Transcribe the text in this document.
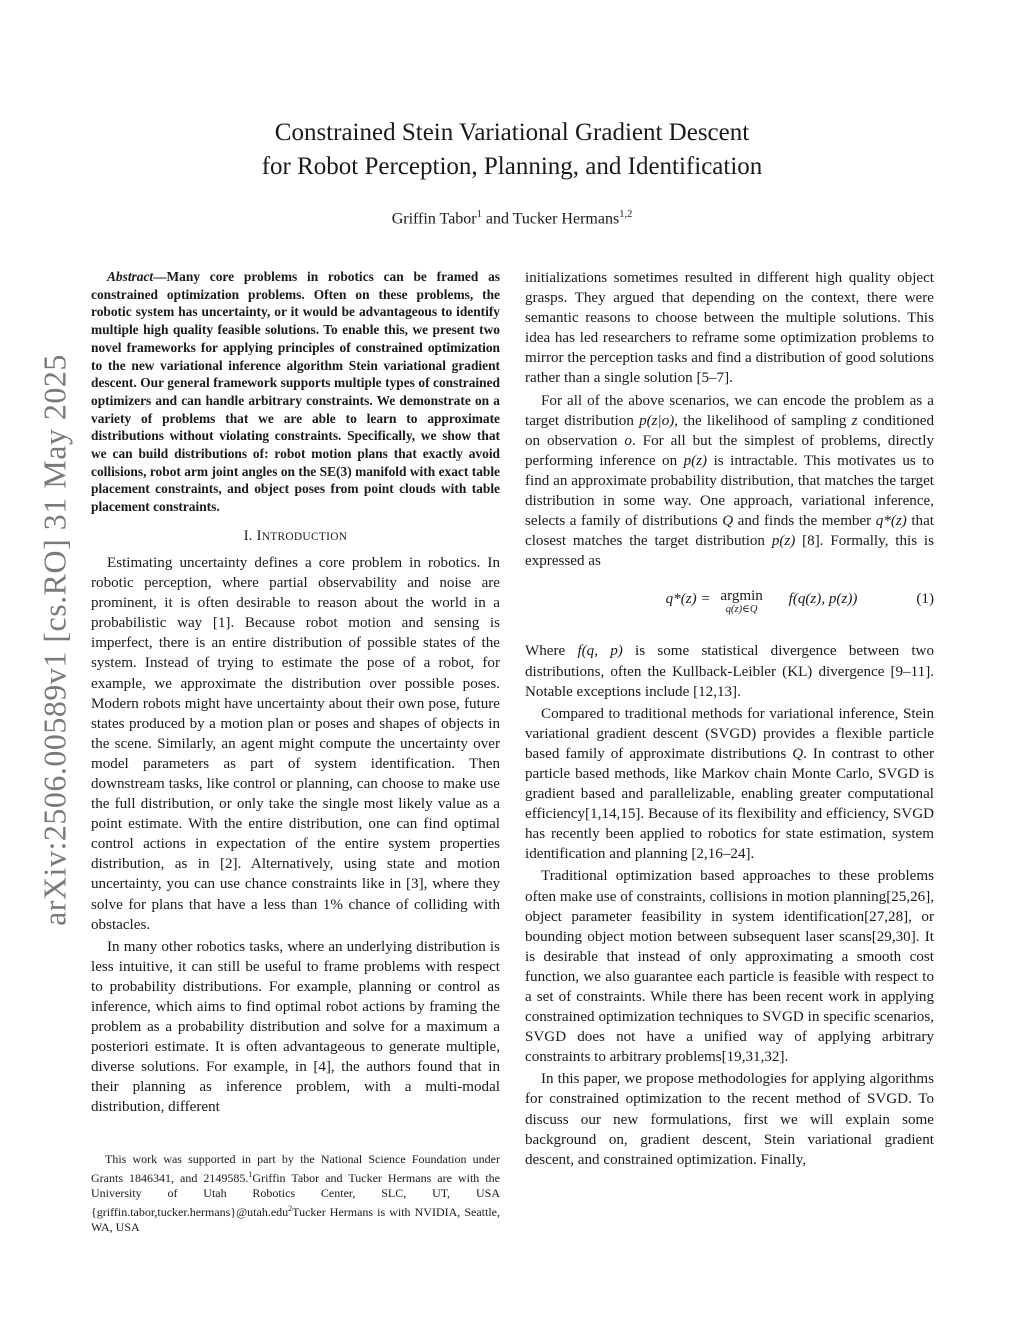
arXiv:2506.00589v1 [cs.RO] 31 May 2025
Constrained Stein Variational Gradient Descent
for Robot Perception, Planning, and Identification
Griffin Tabor$^1$ and Tucker Hermans$^{1,2}$

Abstract—Many core problems in robotics can be framed as constrained optimization problems. Often on these problems, the robotic system has uncertainty, or it would be advantageous to identify multiple high quality feasible solutions. To enable this, we present two novel frameworks for applying principles of constrained optimization to the new variational inference algorithm Stein variational gradient descent. Our general framework supports multiple types of constrained optimizers and can handle arbitrary constraints. We demonstrate on a variety of problems that we are able to learn to approximate distributions without violating constraints. Specifically, we show that we can build distributions of: robot motion plans that exactly avoid collisions, robot arm joint angles on the SE(3) manifold with exact table placement constraints, and object poses from point clouds with table placement constraints.

I. INTRODUCTION

Estimating uncertainty defines a core problem in robotics. In robotic perception, where partial observability and noise are prominent, it is often desirable to reason about the world in a probabilistic way [1]. Because robot motion and sensing is imperfect, there is an entire distribution of possible states of the system. Instead of trying to estimate the pose of a robot, for example, we approximate the distribution over possible poses. Modern robots might have uncertainty about their own pose, future states produced by a motion plan or poses and shapes of objects in the scene. Similarly, an agent might compute the uncertainty over model parameters as part of system identification. Then downstream tasks, like control or planning, can choose to make use the full distribution, or only take the single most likely value as a point estimate. With the entire distribution, one can find optimal control actions in expectation of the entire system properties distribution, as in [2]. Alternatively, using state and motion uncertainty, you can use chance constraints like in [3], where they solve for plans that have a less than 1% chance of colliding with obstacles.

In many other robotics tasks, where an underlying distribution is less intuitive, it can still be useful to frame problems with respect to probability distributions. For example, planning or control as inference, which aims to find optimal robot actions by framing the problem as a probability distribution and solve for a maximum a posteriori estimate. It is often advantageous to generate multiple, diverse solutions. For example, in [4], the authors found that in their planning as inference problem, with a multi-modal distribution, different

This work was supported in part by the National Science Foundation under Grants 1846341, and 2149585.$^1$Griffin Tabor and Tucker Hermans are with the University of Utah Robotics Center, SLC, UT, USA {griffin.tabor,tucker.hermans}@utah.edu$^2$Tucker Hermans is with NVIDIA, Seattle, WA, USA

initializations sometimes resulted in different high quality object grasps. They argued that depending on the context, there were semantic reasons to choose between the multiple solutions. This idea has led researchers to reframe some optimization problems to mirror the perception tasks and find a distribution of good solutions rather than a single solution [5–7].

For all of the above scenarios, we can encode the problem as a target distribution p(z|o), the likelihood of sampling z conditioned on observation o. For all but the simplest of problems, directly performing inference on p(z) is intractable. This motivates us to find an approximate probability distribution, that matches the target distribution in some way. One approach, variational inference, selects a family of distributions Q and finds the member q*(z) that closest matches the target distribution p(z) [8]. Formally, this is expressed as

q*(z) = argmin
q(z)∈Q
f(q(z), p(z))	(1)

Where f(q, p) is some statistical divergence between two distributions, often the Kullback-Leibler (KL) divergence [9–11]. Notable exceptions include [12,13].

Compared to traditional methods for variational inference, Stein variational gradient descent (SVGD) provides a flexible particle based family of approximate distributions Q. In contrast to other particle based methods, like Markov chain Monte Carlo, SVGD is gradient based and parallelizable, enabling greater computational efficiency[1,14,15]. Because of its flexibility and efficiency, SVGD has recently been applied to robotics for state estimation, system identification and planning [2,16–24].

Traditional optimization based approaches to these problems often make use of constraints, collisions in motion planning[25,26], object parameter feasibility in system identification[27,28], or bounding object motion between subsequent laser scans[29,30]. It is desirable that instead of only approximating a smooth cost function, we also guarantee each particle is feasible with respect to a set of constraints. While there has been recent work in applying constrained optimization techniques to SVGD in specific scenarios, SVGD does not have a unified way of applying arbitrary constraints to arbitrary problems[19,31,32].

In this paper, we propose methodologies for applying algorithms for constrained optimization to the recent method of SVGD. To discuss our new formulations, first we will explain some background on, gradient descent, Stein variational gradient descent, and constrained optimization. Finally,
